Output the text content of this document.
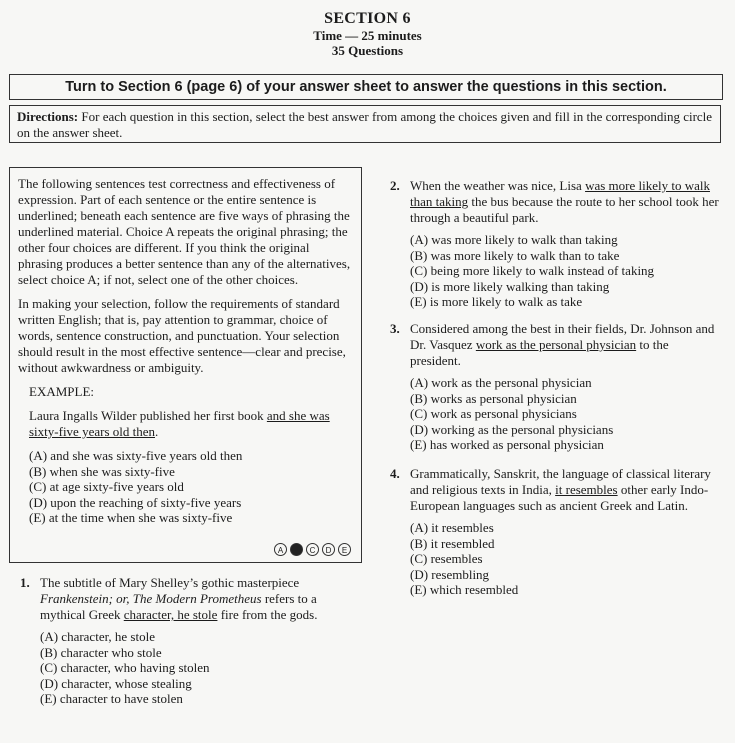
SECTION 6
Time — 25 minutes
35 Questions
Turn to Section 6 (page 6) of your answer sheet to answer the questions in this section.
Directions: For each question in this section, select the best answer from among the choices given and fill in the corresponding circle on the answer sheet.

The following sentences test correctness and effectiveness of expression. Part of each sentence or the entire sentence is underlined; beneath each sentence are five ways of phrasing the underlined material. Choice A repeats the original phrasing; the other four choices are different. If you think the original phrasing produces a better sentence than any of the alternatives, select choice A; if not, select one of the other choices.

In making your selection, follow the requirements of standard written English; that is, pay attention to grammar, choice of words, sentence construction, and punctuation. Your selection should result in the most effective sentence—clear and precise, without awkwardness or ambiguity.

EXAMPLE:
Laura Ingalls Wilder published her first book and she was sixty-five years old then.
(A) and she was sixty-five years old then
(B) when she was sixty-five
(C) at age sixty-five years old
(D) upon the reaching of sixty-five years
(E) at the time when she was sixty-five
A	B	C	D	E
1. The subtitle of Mary Shelley’s gothic masterpiece Frankenstein; or, The Modern Prometheus refers to a mythical Greek character, he stole fire from the gods.
(A) character, he stole
(B) character who stole
(C) character, who having stolen
(D) character, whose stealing
(E) character to have stolen
2. When the weather was nice, Lisa was more likely to walk than taking the bus because the route to her school took her through a beautiful park.
(A) was more likely to walk than taking
(B) was more likely to walk than to take
(C) being more likely to walk instead of taking
(D) is more likely walking than taking
(E) is more likely to walk as take
3. Considered among the best in their fields, Dr. Johnson and Dr. Vasquez work as the personal physician to the president.
(A) work as the personal physician
(B) works as personal physician
(C) work as personal physicians
(D) working as the personal physicians
(E) has worked as personal physician
4. Grammatically, Sanskrit, the language of classical literary and religious texts in India, it resembles other early Indo-European languages such as ancient Greek and Latin.
(A) it resembles
(B) it resembled
(C) resembles
(D) resembling
(E) which resembled
